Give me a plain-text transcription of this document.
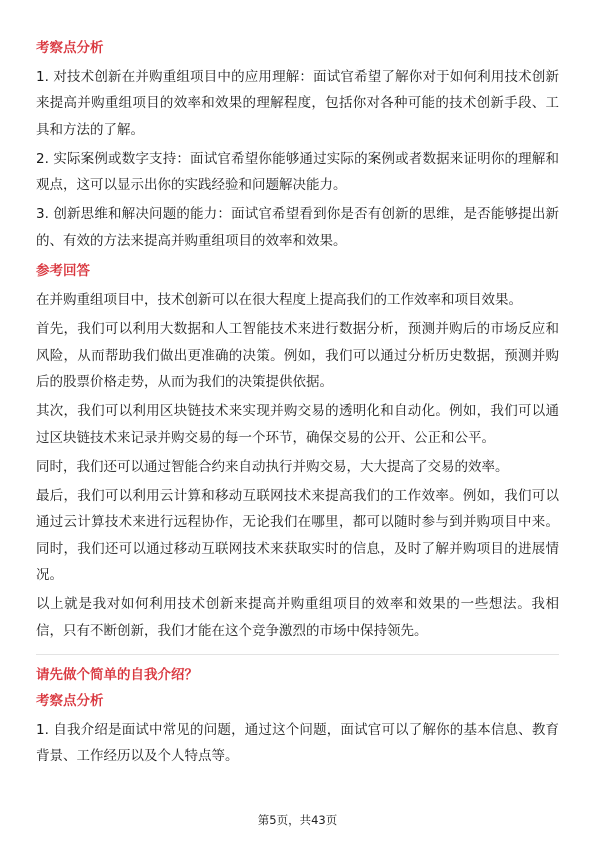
考察点分析

1. 对技术创新在并购重组项目中的应用理解：面试官希望了解你对于如何利用技术创新来提高并购重组项目的效率和效果的理解程度，包括你对各种可能的技术创新手段、工具和方法的了解。

2. 实际案例或数字支持：面试官希望你能够通过实际的案例或者数据来证明你的理解和观点，这可以显示出你的实践经验和问题解决能力。

3. 创新思维和解决问题的能力：面试官希望看到你是否有创新的思维，是否能够提出新的、有效的方法来提高并购重组项目的效率和效果。

参考回答

在并购重组项目中，技术创新可以在很大程度上提高我们的工作效率和项目效果。

首先，我们可以利用大数据和人工智能技术来进行数据分析，预测并购后的市场反应和风险，从而帮助我们做出更准确的决策。例如，我们可以通过分析历史数据，预测并购后的股票价格走势，从而为我们的决策提供依据。

其次，我们可以利用区块链技术来实现并购交易的透明化和自动化。例如，我们可以通过区块链技术来记录并购交易的每一个环节，确保交易的公开、公正和公平。

同时，我们还可以通过智能合约来自动执行并购交易，大大提高了交易的效率。

最后，我们可以利用云计算和移动互联网技术来提高我们的工作效率。例如，我们可以通过云计算技术来进行远程协作，无论我们在哪里，都可以随时参与到并购项目中来。同时，我们还可以通过移动互联网技术来获取实时的信息，及时了解并购项目的进展情况。

以上就是我对如何利用技术创新来提高并购重组项目的效率和效果的一些想法。我相信，只有不断创新，我们才能在这个竞争激烈的市场中保持领先。

请先做个简单的自我介绍？
考察点分析

1. 自我介绍是面试中常见的问题，通过这个问题，面试官可以了解你的基本信息、教育背景、工作经历以及个人特点等。

第5页，共43页
